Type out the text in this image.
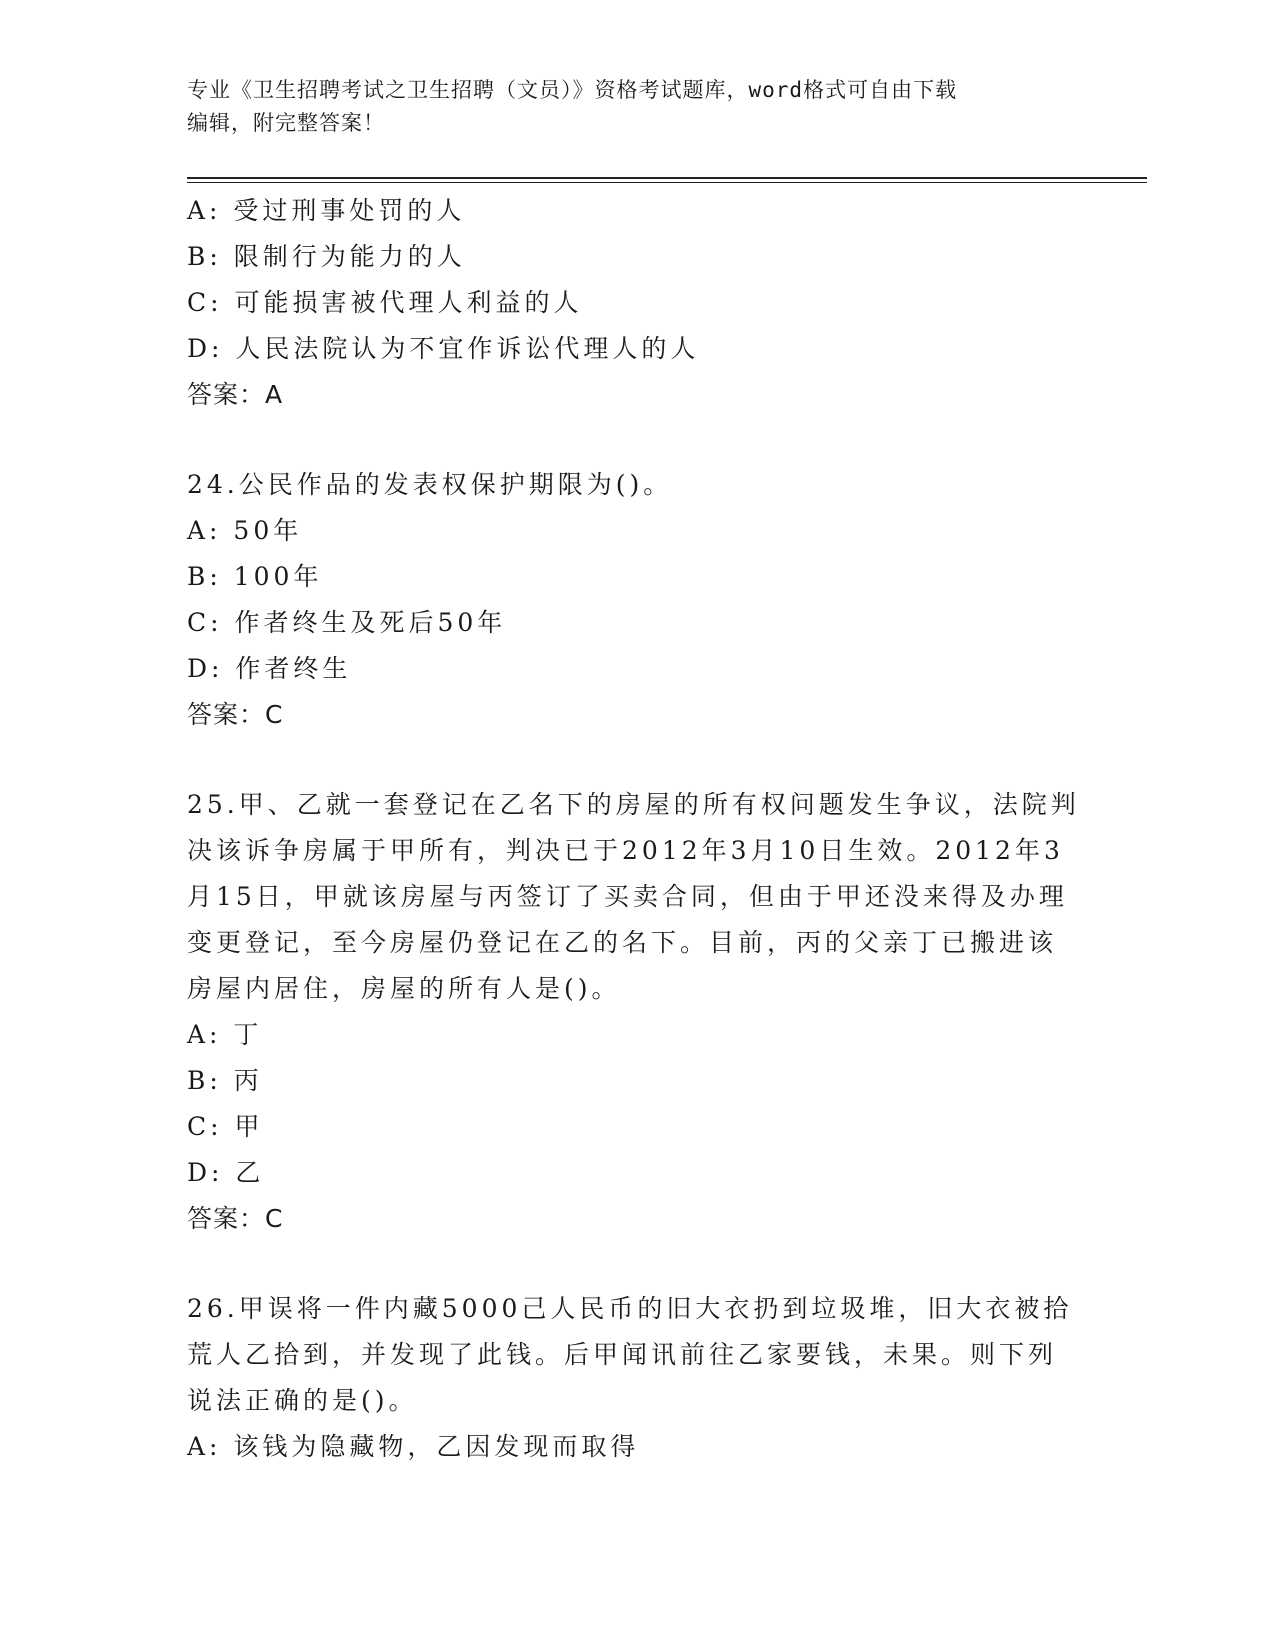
专业《卫生招聘考试之卫生招聘（文员）》资格考试题库，word格式可自由下载
编辑，附完整答案！
A: 受过刑事处罚的人
B: 限制行为能力的人
C: 可能损害被代理人利益的人
D: 人民法院认为不宜作诉讼代理人的人
答案：A
24.公民作品的发表权保护期限为()。
A: 50年
B: 100年
C: 作者终生及死后50年
D: 作者终生
答案：C
25.甲、乙就一套登记在乙名下的房屋的所有权问题发生争议，法院判
决该诉争房属于甲所有，判决已于2012年3月10日生效。2012年3
月15日，甲就该房屋与丙签订了买卖合同，但由于甲还没来得及办理
变更登记，至今房屋仍登记在乙的名下。目前，丙的父亲丁已搬进该
房屋内居住，房屋的所有人是()。
A: 丁
B: 丙
C: 甲
D: 乙
答案：C
26.甲误将一件内藏5000己人民币的旧大衣扔到垃圾堆，旧大衣被拾
荒人乙拾到，并发现了此钱。后甲闻讯前往乙家要钱，未果。则下列
说法正确的是()。
A: 该钱为隐藏物，乙因发现而取得
